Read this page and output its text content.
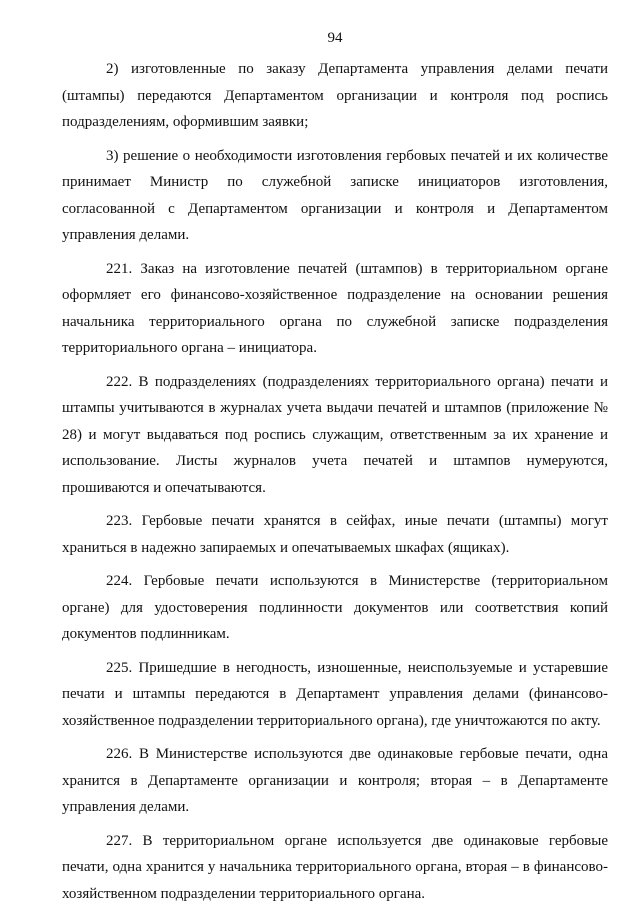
94

2) изготовленные по заказу Департамента управления делами печати (штампы) передаются Департаментом организации и контроля под роспись подразделениям, оформившим заявки;

3) решение о необходимости изготовления гербовых печатей и их количестве принимает Министр по служебной записке инициаторов изготовления, согласованной с Департаментом организации и контроля и Департаментом управления делами.

221. Заказ на изготовление печатей (штампов) в территориальном органе оформляет его финансово-хозяйственное подразделение на основании решения начальника территориального органа по служебной записке подразделения территориального органа – инициатора.

222. В подразделениях (подразделениях территориального органа) печати и штампы учитываются в журналах учета выдачи печатей и штампов (приложение № 28) и могут выдаваться под роспись служащим, ответственным за их хранение и использование. Листы журналов учета печатей и штампов нумеруются, прошиваются и опечатываются.

223. Гербовые печати хранятся в сейфах, иные печати (штампы) могут храниться в надежно запираемых и опечатываемых шкафах (ящиках).

224. Гербовые печати используются в Министерстве (территориальном органе) для удостоверения подлинности документов или соответствия копий документов подлинникам.

225. Пришедшие в негодность, изношенные, неиспользуемые и устаревшие печати и штампы передаются в Департамент управления делами (финансово-хозяйственное подразделении территориального органа), где уничтожаются по акту.

226. В Министерстве используются две одинаковые гербовые печати, одна хранится в Департаменте организации и контроля; вторая – в Департаменте управления делами.

227. В территориальном органе используется две одинаковые гербовые печати, одна хранится у начальника территориального органа, вторая – в финансово-хозяйственном подразделении территориального органа.
